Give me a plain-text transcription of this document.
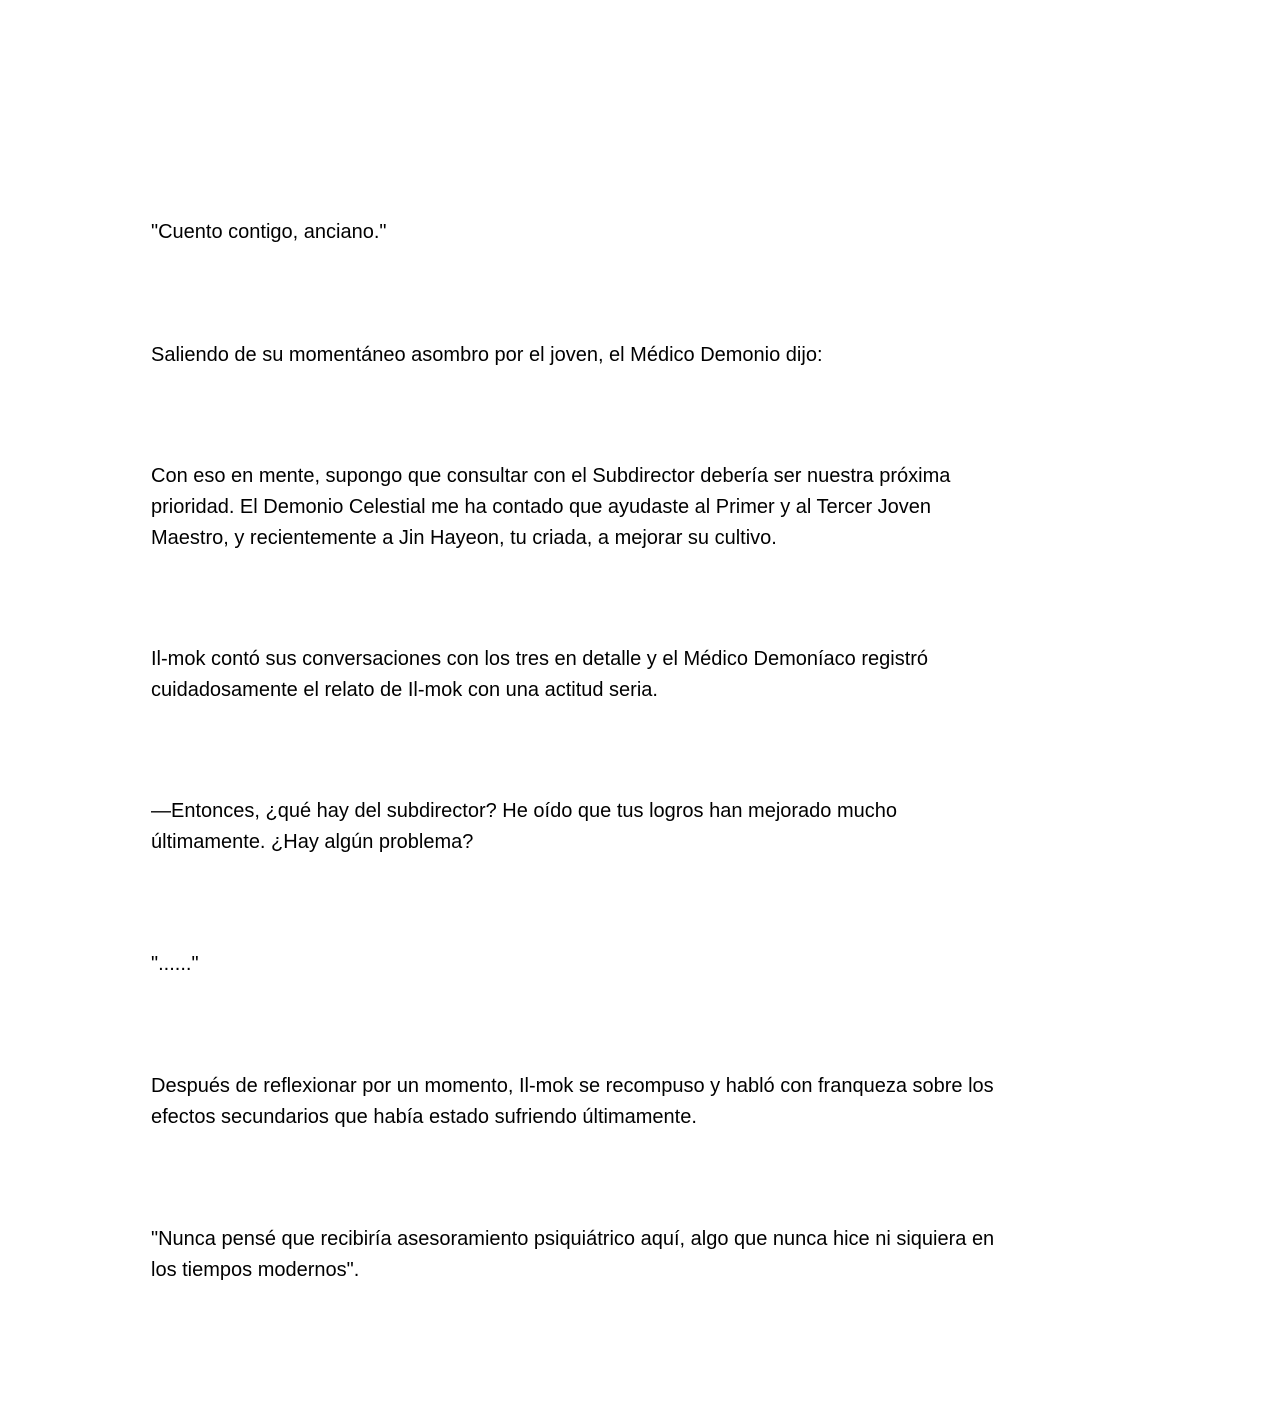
"Cuento contigo, anciano."

Saliendo de su momentáneo asombro por el joven, el Médico Demonio dijo:

Con eso en mente, supongo que consultar con el Subdirector debería ser nuestra próxima
prioridad. El Demonio Celestial me ha contado que ayudaste al Primer y al Tercer Joven
Maestro, y recientemente a Jin Hayeon, tu criada, a mejorar su cultivo.

Il-mok contó sus conversaciones con los tres en detalle y el Médico Demoníaco registró
cuidadosamente el relato de Il-mok con una actitud seria.

—Entonces, ¿qué hay del subdirector? He oído que tus logros han mejorado mucho
últimamente. ¿Hay algún problema?

"......"

Después de reflexionar por un momento, Il-mok se recompuso y habló con franqueza sobre los
efectos secundarios que había estado sufriendo últimamente.

"Nunca pensé que recibiría asesoramiento psiquiátrico aquí, algo que nunca hice ni siquiera en
los tiempos modernos".
